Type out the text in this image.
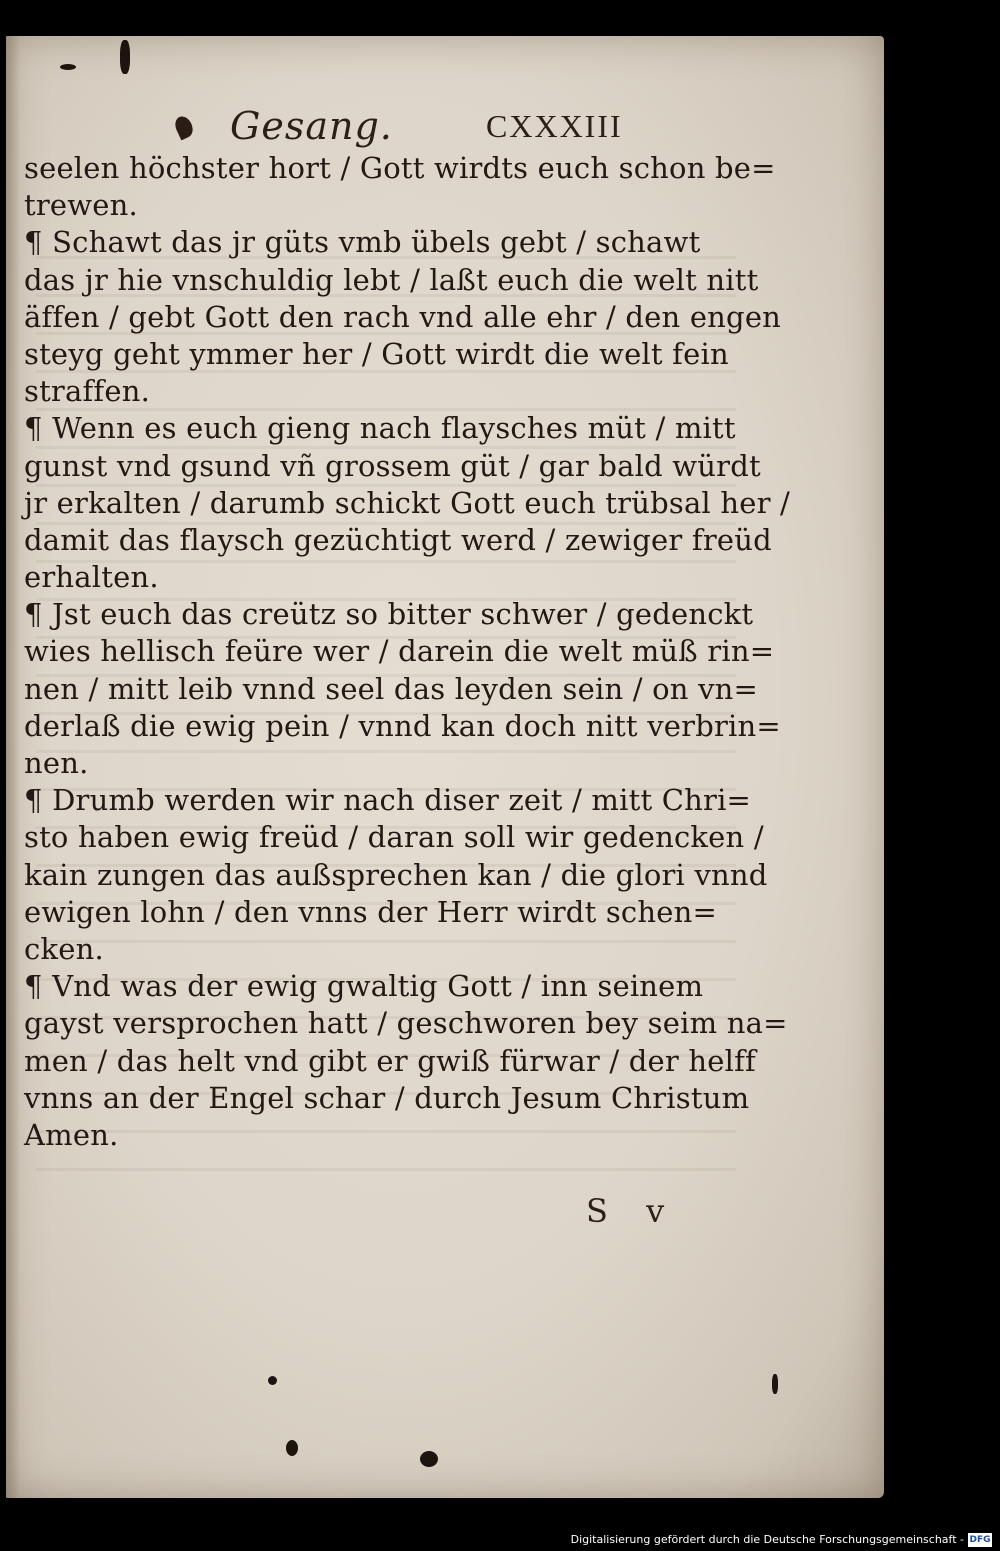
Gesang.	CXXXIII
seelen höchster hort / Gott wirdts euch schon be=
trewen.
¶ Schawt das jr güts vmb übels gebt / schawt
das jr hie vnschuldig lebt / laßt euch die welt nitt
äffen / gebt Gott den rach vnd alle ehr / den engen
steyg geht ymmer her / Gott wirdt die welt fein
straffen.
¶ Wenn es euch gieng nach flaysches müt / mitt
gunst vnd gsund vñ grossem güt / gar bald würdt
jr erkalten / darumb schickt Gott euch trübsal her /
damit das flaysch gezüchtigt werd / zewiger freüd
erhalten.
¶ Jst euch das creütz so bitter schwer / gedenckt
wies hellisch feüre wer / darein die welt müß rin=
nen / mitt leib vnnd seel das leyden sein / on vn=
derlaß die ewig pein / vnnd kan doch nitt verbrin=
nen.
¶ Drumb werden wir nach diser zeit / mitt Chri=
sto haben ewig freüd / daran soll wir gedencken /
kain zungen das außsprechen kan / die glori vnnd
ewigen lohn / den vnns der Herr wirdt schen=
cken.
¶ Vnd was der ewig gwaltig Gott / inn seinem
gayst versprochen hatt / geschworen bey seim na=
men / das helt vnd gibt er gwiß fürwar / der helff
vnns an der Engel schar / durch Jesum Christum
Amen.
S v
Digitalisierung gefördert durch die Deutsche Forschungsgemeinschaft - DFG
